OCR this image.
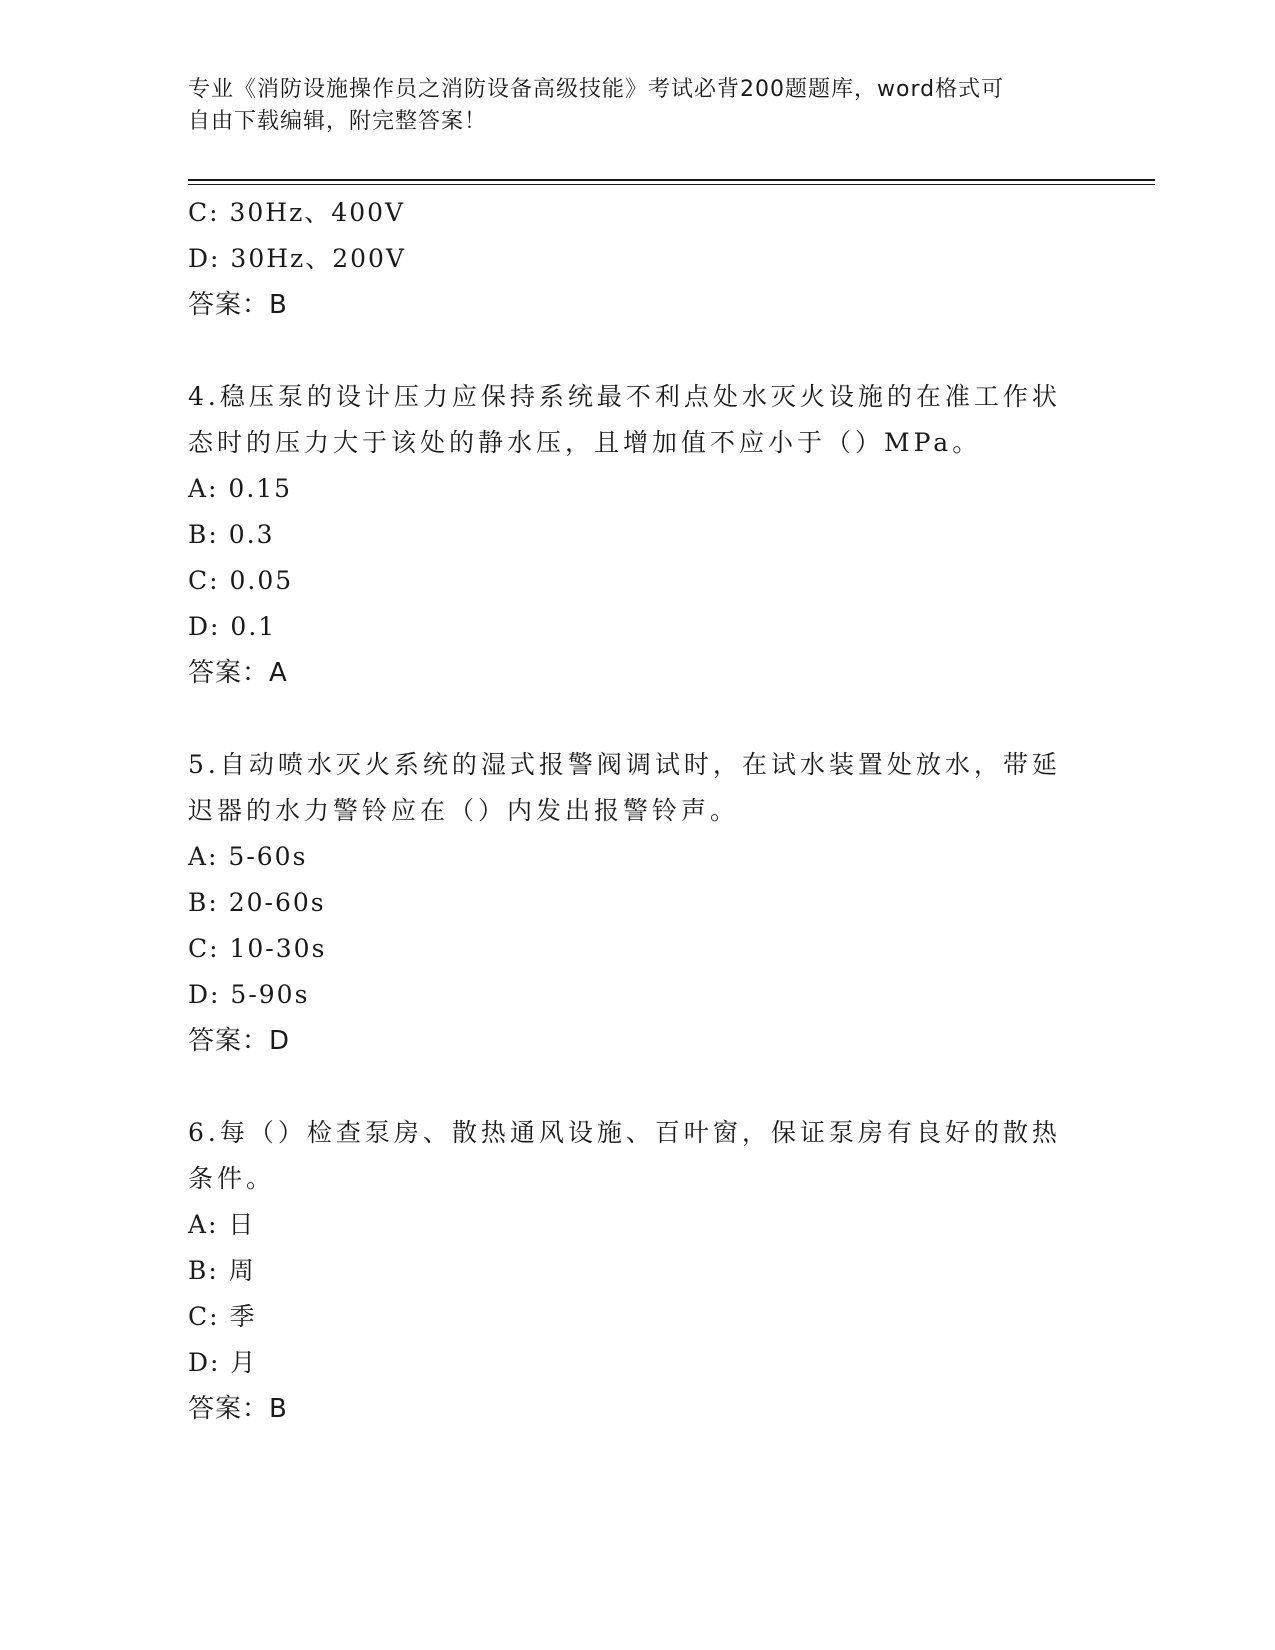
专业《消防设施操作员之消防设备高级技能》考试必背200题题库，word格式可
自由下载编辑，附完整答案！
C: 30Hz、400V
D: 30Hz、200V
答案：B
4.稳压泵的设计压力应保持系统最不利点处水灭火设施的在准工作状
态时的压力大于该处的静水压，且增加值不应小于（）MPa。
A: 0.15
B: 0.3
C: 0.05
D: 0.1
答案：A
5.自动喷水灭火系统的湿式报警阀调试时，在试水装置处放水，带延
迟器的水力警铃应在（）内发出报警铃声。
A: 5-60s
B: 20-60s
C: 10-30s
D: 5-90s
答案：D
6.每（）检查泵房、散热通风设施、百叶窗，保证泵房有良好的散热
条件。
A: 日
B: 周
C: 季
D: 月
答案：B
